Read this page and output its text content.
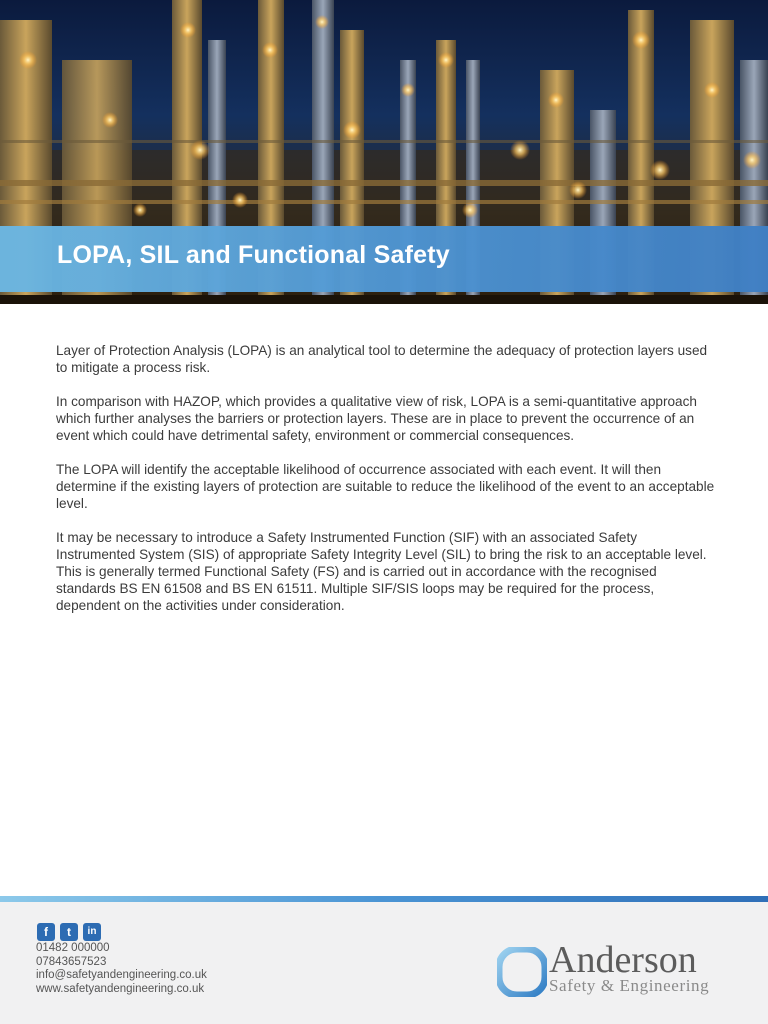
LOPA, SIL and Functional Safety

Layer of Protection Analysis (LOPA) is an analytical tool to determine the adequacy of protection layers used to mitigate a process risk.

In comparison with HAZOP, which provides a qualitative view of risk, LOPA is a semi-quantitative approach which further analyses the barriers or protection layers. These are in place to prevent the occurrence of an event which could have detrimental safety, environment or commercial consequences.

The LOPA will identify the acceptable likelihood of occurrence associated with each event. It will then determine if the existing layers of protection are suitable to reduce the likelihood of the event to an acceptable level.

It may be necessary to introduce a Safety Instrumented Function (SIF) with an associated Safety Instrumented System (SIS) of appropriate Safety Integrity Level (SIL) to bring the risk to an acceptable level. This is generally termed Functional Safety (FS) and is carried out in accordance with the recognised standards BS EN 61508 and BS EN 61511. Multiple SIF/SIS loops may be required for the process, dependent on the activities under consideration.

f	t	in
01482 000000
07843657523
info@safetyandengineering.co.uk
www.safetyandengineering.co.uk
Anderson
Safety & Engineering
